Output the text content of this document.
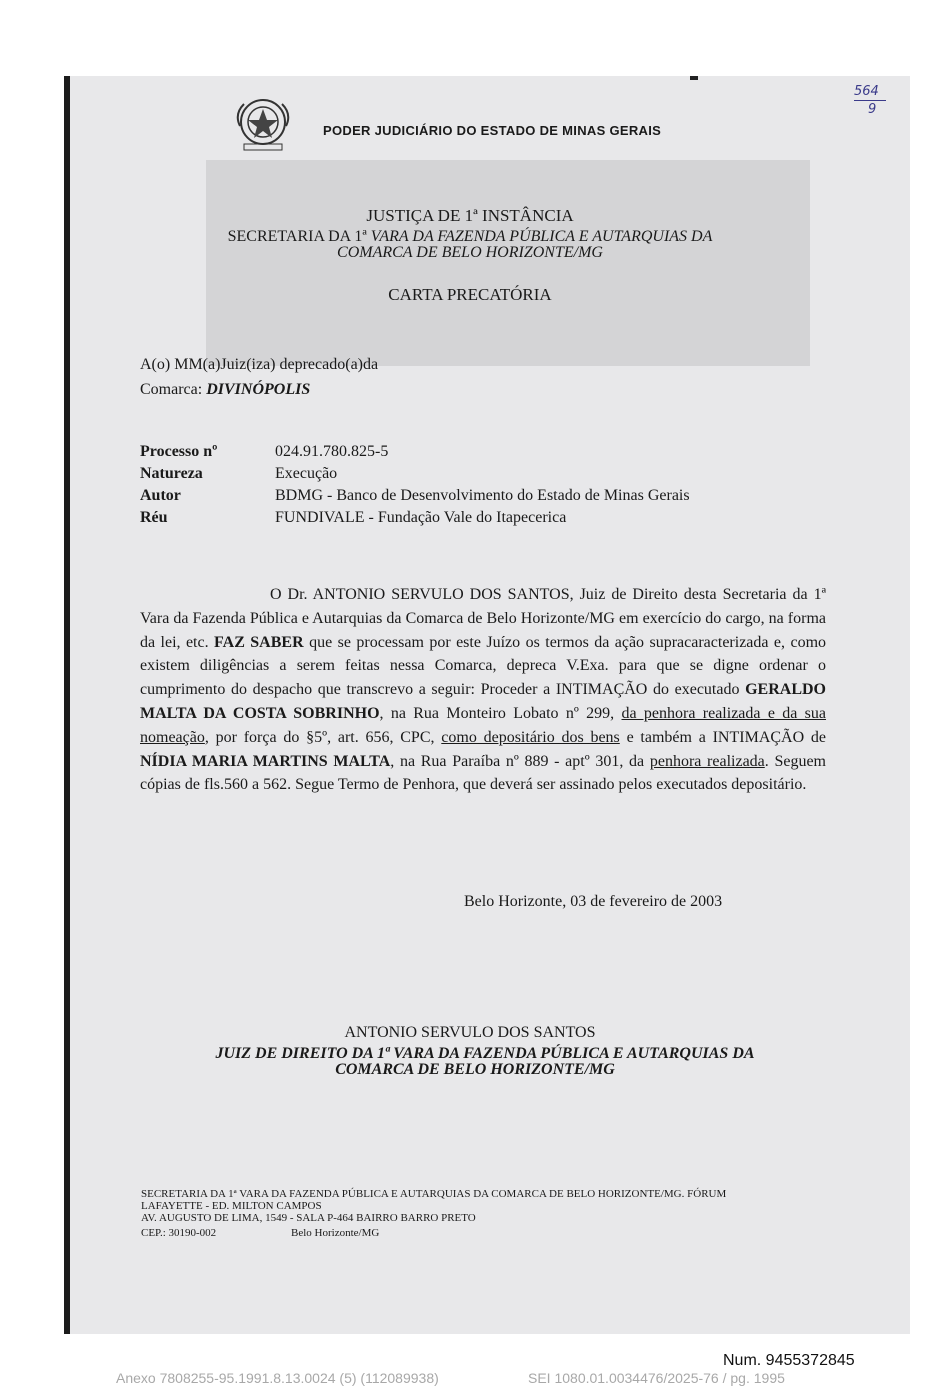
564
9
PODER JUDICIÁRIO DO ESTADO DE MINAS GERAIS
JUSTIÇA DE 1ª INSTÂNCIA
SECRETARIA DA 1ª VARA DA FAZENDA PÚBLICA E AUTARQUIAS DA
COMARCA DE BELO HORIZONTE/MG
CARTA PRECATÓRIA
A(o) MM(a)Juiz(iza) deprecado(a)da
Comarca: DIVINÓPOLIS
Processo nº	024.91.780.825-5
Natureza	Execução
Autor	BDMG - Banco de Desenvolvimento do Estado de Minas Gerais
Réu	FUNDIVALE - Fundação Vale do Itapecerica
O Dr. ANTONIO SERVULO DOS SANTOS, Juiz de Direito desta Secretaria da 1ª Vara da Fazenda Pública e Autarquias da Comarca de Belo Horizonte/MG em exercício do cargo, na forma da lei, etc. FAZ SABER que se processam por este Juízo os termos da ação supracaracterizada e, como existem diligências a serem feitas nessa Comarca, depreca V.Exa. para que se digne ordenar o cumprimento do despacho que transcrevo a seguir: Proceder a INTIMAÇÃO do executado GERALDO MALTA DA COSTA SOBRINHO, na Rua Monteiro Lobato nº 299, da penhora realizada e da sua nomeação, por força do §5º, art. 656, CPC, como depositário dos bens e também a INTIMAÇÃO de NÍDIA MARIA MARTINS MALTA, na Rua Paraíba nº 889 - aptº 301, da penhora realizada. Seguem cópias de fls.560 a 562. Segue Termo de Penhora, que deverá ser assinado pelos executados depositário.
Belo Horizonte, 03 de fevereiro de 2003
ANTONIO SERVULO DOS SANTOS
JUIZ DE DIREITO DA 1ª VARA DA FAZENDA PÚBLICA E AUTARQUIAS DA
COMARCA DE BELO HORIZONTE/MG
SECRETARIA DA 1ª VARA DA FAZENDA PÚBLICA E AUTARQUIAS DA COMARCA DE BELO HORIZONTE/MG. FÓRUM
LAFAYETTE - ED. MILTON CAMPOS
AV. AUGUSTO DE LIMA, 1549 - SALA P-464 BAIRRO BARRO PRETO
CEP.: 30190-002	Belo Horizonte/MG
Num. 9455372845
Anexo 7808255-95.1991.8.13.0024 (5) (112089938)	SEI 1080.01.0034476/2025-76 / pg. 1995
